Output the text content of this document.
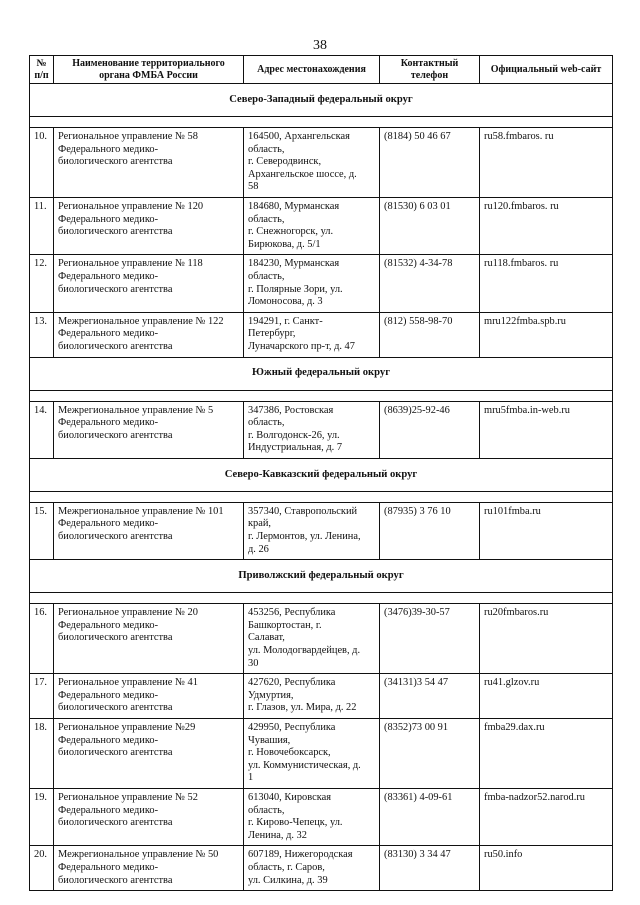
38
№
п/п	Наименование территориального
органа ФМБА России	Адрес местонахождения	Контактный
телефон	Официальный web-сайт
Северо-Западный федеральный округ				

10.	Региональное управление № 58
Федерального медико-
биологического агентства	164500, Архангельская
область,
г. Северодвинск,
Архангельское шоссе, д.
58	(8184) 50 46 67	ru58.fmbaros. ru
11.	Региональное управление № 120
Федерального медико-
биологического агентства	184680, Мурманская
область,
г. Снежногорск, ул.
Бирюкова, д. 5/1	(81530) 6 03 01	ru120.fmbaros. ru
12.	Региональное управление № 118
Федерального медико-
биологического агентства	184230, Мурманская
область,
г. Полярные Зори, ул.
Ломоносова, д. 3	(81532) 4-34-78	ru118.fmbaros. ru
13.	Межрегиональное управление № 122
Федерального медико-
биологического агентства	194291, г. Санкт-
Петербург,
Луначарского пр-т, д. 47	(812) 558-98-70	mru122fmba.spb.ru
Южный федеральный округ				

14.	Межрегиональное управление № 5
Федерального медико-
биологического агентства	347386, Ростовская
область,
г. Волгодонск-26, ул.
Индустриальная, д. 7	(8639)25-92-46	mru5fmba.in-web.ru
Северо-Кавказский федеральный округ				

15.	Межрегиональное управление № 101
Федерального медико-
биологического агентства	357340, Ставропольский
край,
г. Лермонтов, ул. Ленина,
д. 26	(87935) 3 76 10	ru101fmba.ru
Приволжский федеральный округ				

16.	Региональное управление № 20
Федерального медико-
биологического агентства	453256, Республика
Башкортостан, г.
Салават,
ул. Молодогвардейцев, д.
30	(3476)39-30-57	ru20fmbaros.ru
17.	Региональное управление № 41
Федерального медико-
биологического агентства	427620, Республика
Удмуртия,
г. Глазов, ул. Мира, д. 22	(34131)3 54 47	ru41.glzov.ru
18.	Региональное управление №29
Федерального медико-
биологического агентства	429950, Республика
Чувашия,
г. Новочебоксарск,
ул. Коммунистическая, д.
1	(8352)73 00 91	fmba29.dax.ru
19.	Региональное управление № 52
Федерального медико-
биологического агентства	613040, Кировская
область,
г. Кирово-Чепецк, ул.
Ленина, д. 32	(83361) 4-09-61	fmba-nadzor52.narod.ru
20.	Межрегиональное управление № 50
Федерального медико-
биологического агентства	607189, Нижегородская
область, г. Саров,
ул. Силкина, д. 39	(83130) 3 34 47	ru50.info
